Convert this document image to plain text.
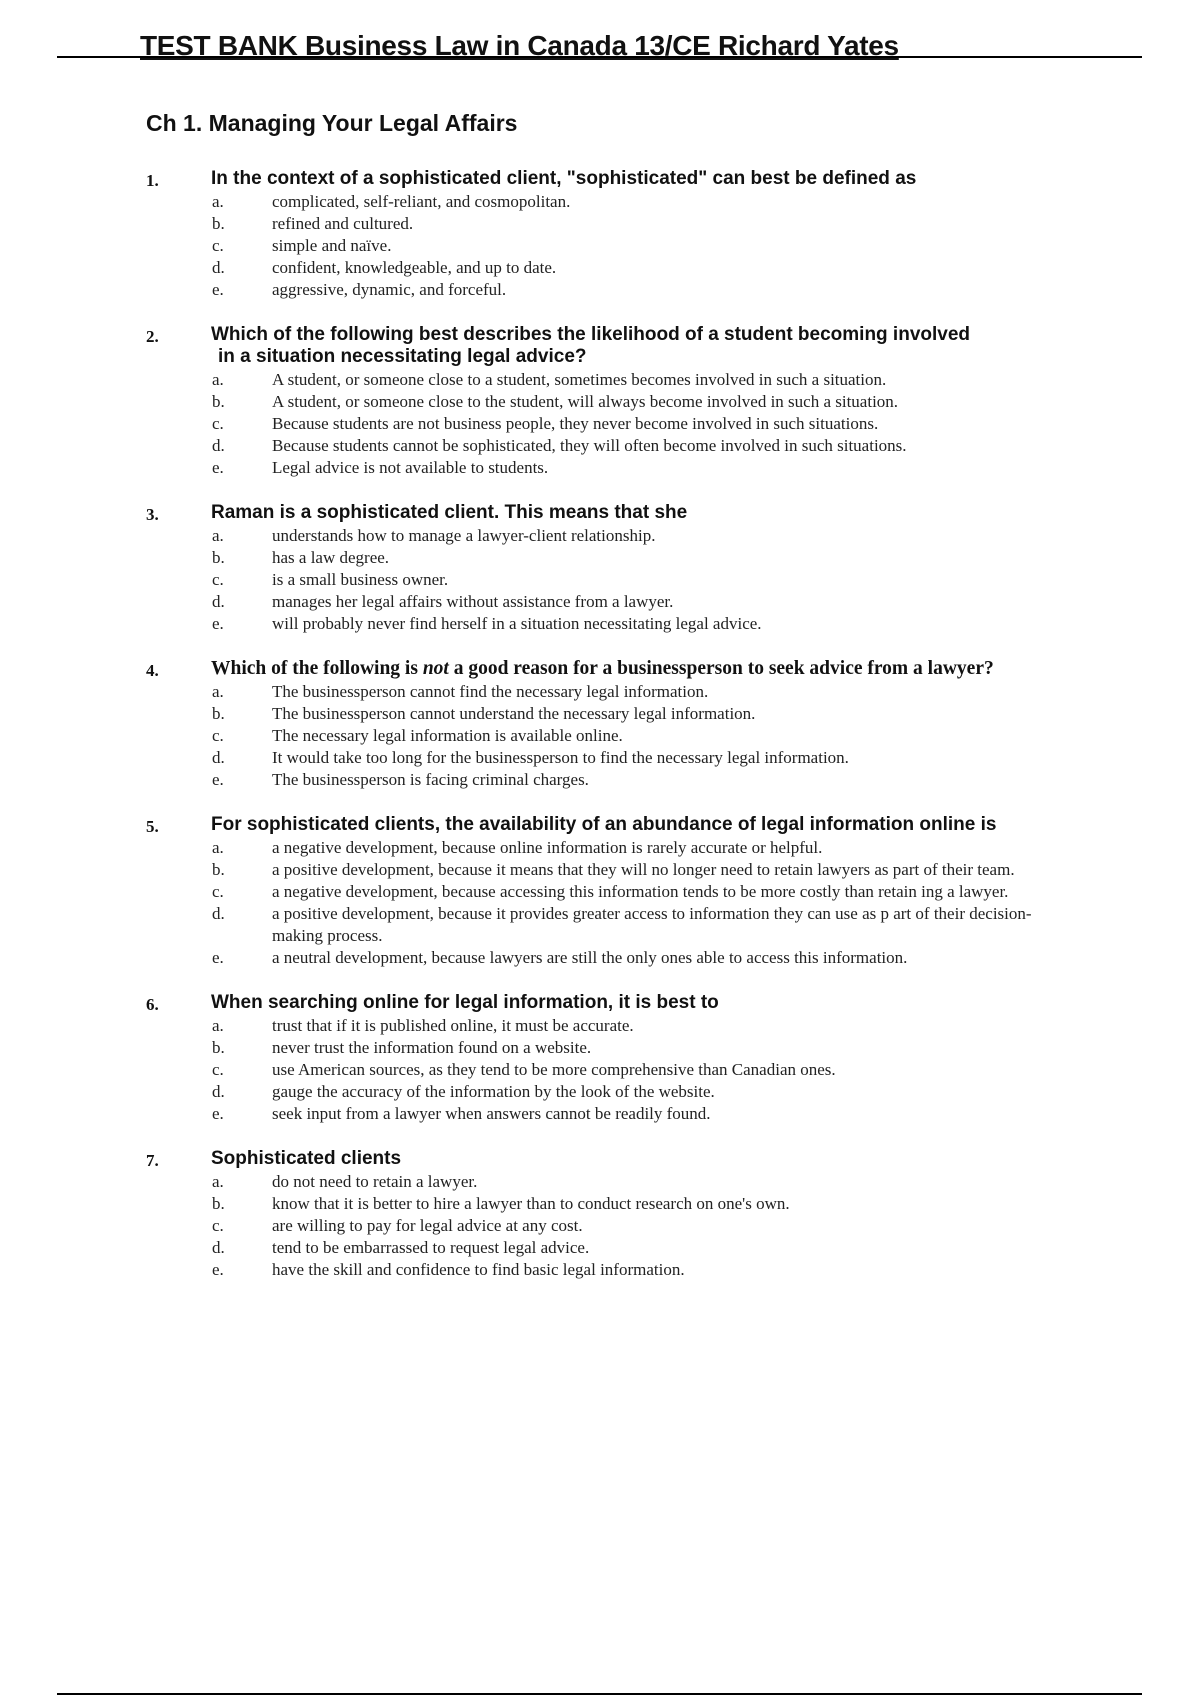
TEST BANK Business Law in Canada 13/CE Richard Yates
Ch 1. Managing Your Legal Affairs
1.	In the context of a sophisticated client, "sophisticated" can best be defined as

a.	complicated, self-reliant, and cosmopolitan.
b.	refined and cultured.
c.	simple and naïve.
d.	confident, knowledgeable, and up to date.
e.	aggressive, dynamic, and forceful.
2.	Which of the following best describes the likelihood of a student becoming involved
in a situation necessitating legal advice?

a.	A student, or someone close to a student, sometimes becomes involved in such a situation.
b.	A student, or someone close to the student, will always become involved in such a situation.
c.	Because students are not business people, they never become involved in such situations.
d.	Because students cannot be sophisticated, they will often become involved in such situations.
e.	Legal advice is not available to students.
3.	Raman is a sophisticated client. This means that she

a.	understands how to manage a lawyer-client relationship.
b.	has a law degree.
c.	is a small business owner.
d.	manages her legal affairs without assistance from a lawyer.
e.	will probably never find herself in a situation necessitating legal advice.
4.	Which of the following is not a good reason for a businessperson to seek advice from a lawyer?

a.	The businessperson cannot find the necessary legal information.
b.	The businessperson cannot understand the necessary legal information.
c.	The necessary legal information is available online.
d.	It would take too long for the businessperson to find the necessary legal information.
e.	The businessperson is facing criminal charges.
5.	For sophisticated clients, the availability of an abundance of legal information online is

a.	a negative development, because online information is rarely accurate or helpful.
b.	a positive development, because it means that they will no longer need to retain lawyers as part of their team.
c.	a negative development, because accessing this information tends to be more costly than retain ing a lawyer.
d.	a positive development, because it provides greater access to information they can use as p art of their decision-making process.
e.	a neutral development, because lawyers are still the only ones able to access this information.
6.	When searching online for legal information, it is best to

a.	trust that if it is published online, it must be accurate.
b.	never trust the information found on a website.
c.	use American sources, as they tend to be more comprehensive than Canadian ones.
d.	gauge the accuracy of the information by the look of the website.
e.	seek input from a lawyer when answers cannot be readily found.
7.	Sophisticated clients

a.	do not need to retain a lawyer.
b.	know that it is better to hire a lawyer than to conduct research on one's own.
c.	are willing to pay for legal advice at any cost.
d.	tend to be embarrassed to request legal advice.
e.	have the skill and confidence to find basic legal information.
